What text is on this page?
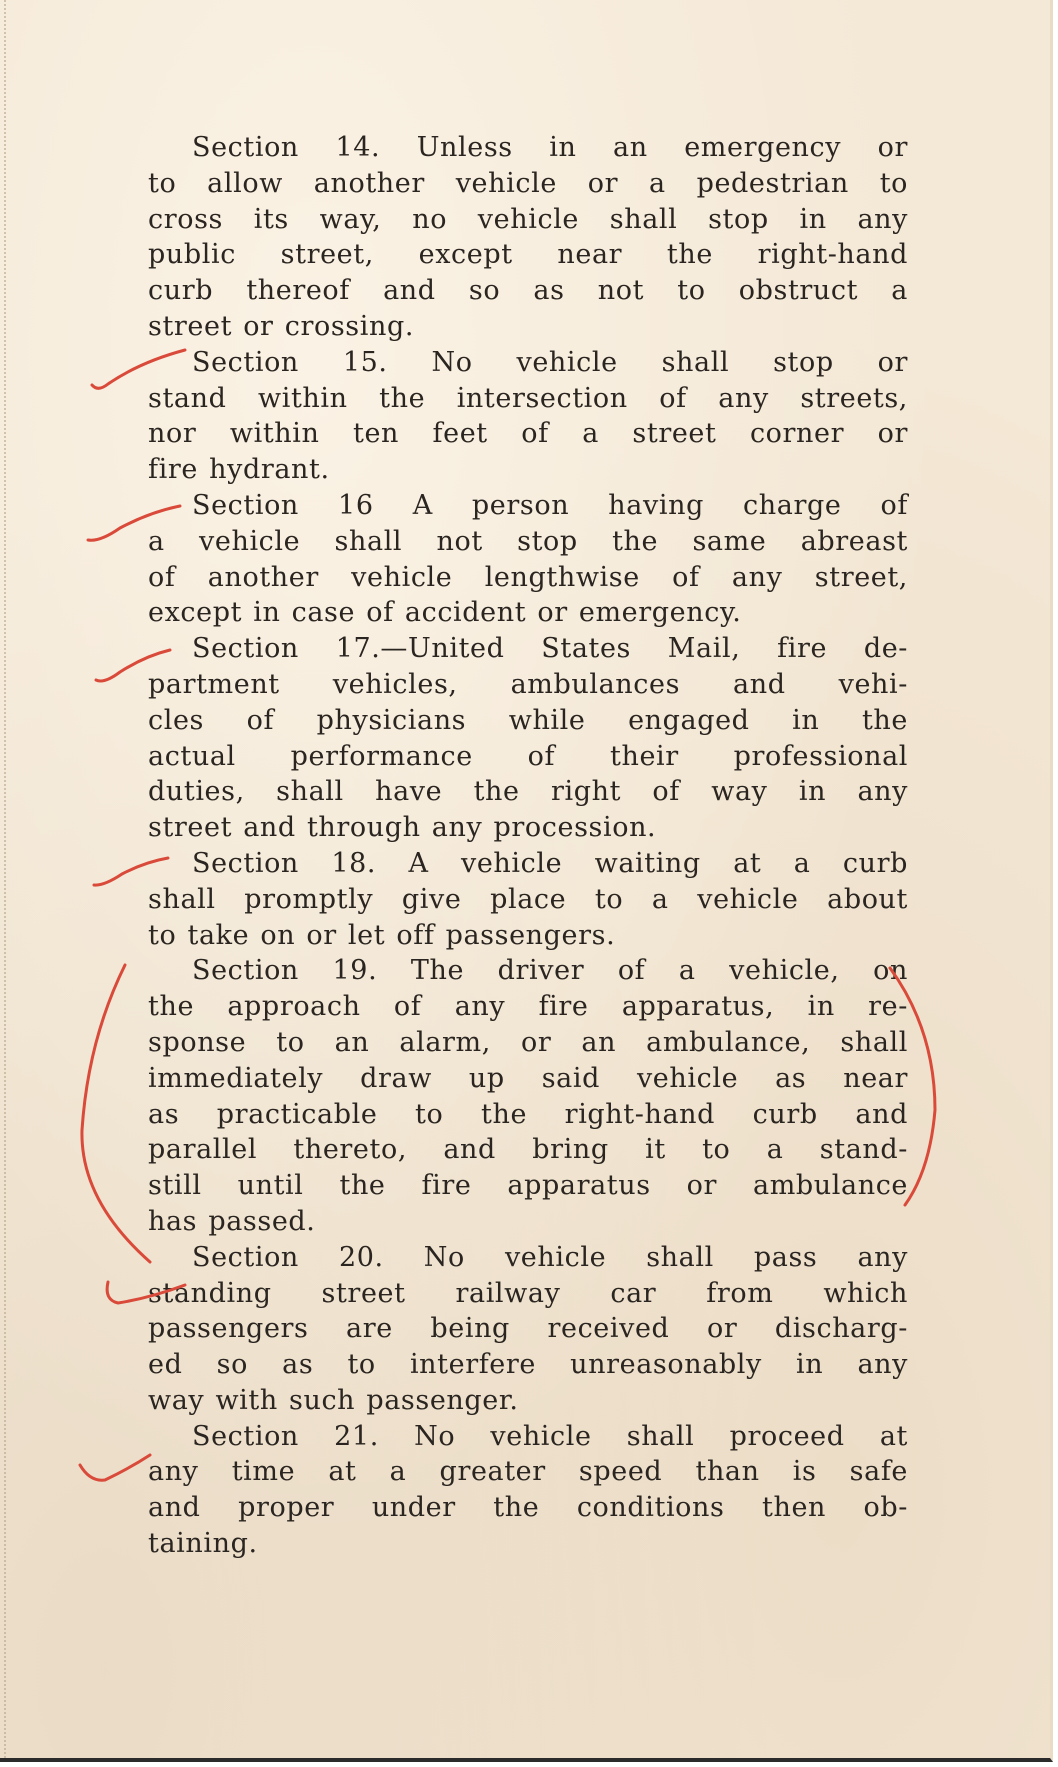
Section 14. Unless in an emergency or
to allow another vehicle or a pedestrian to
cross its way, no vehicle shall stop in any
public street, except near the right-hand
curb thereof and so as not to obstruct a
street or crossing.
Section 15. No vehicle shall stop or
stand within the intersection of any streets,
nor within ten feet of a street corner or
fire hydrant.
Section 16 A person having charge of
a vehicle shall not stop the same abreast
of another vehicle lengthwise of any street,
except in case of accident or emergency.
Section 17.—United States Mail, fire de-
partment vehicles, ambulances and vehi-
cles of physicians while engaged in the
actual performance of their professional
duties, shall have the right of way in any
street and through any procession.
Section 18. A vehicle waiting at a curb
shall promptly give place to a vehicle about
to take on or let off passengers.
Section 19. The driver of a vehicle, on
the approach of any fire apparatus, in re-
sponse to an alarm, or an ambulance, shall
immediately draw up said vehicle as near
as practicable to the right-hand curb and
parallel thereto, and bring it to a stand-
still until the fire apparatus or ambulance
has passed.
Section 20. No vehicle shall pass any
standing street railway car from which
passengers are being received or discharg-
ed so as to interfere unreasonably in any
way with such passenger.
Section 21. No vehicle shall proceed at
any time at a greater speed than is safe
and proper under the conditions then ob-
taining.
